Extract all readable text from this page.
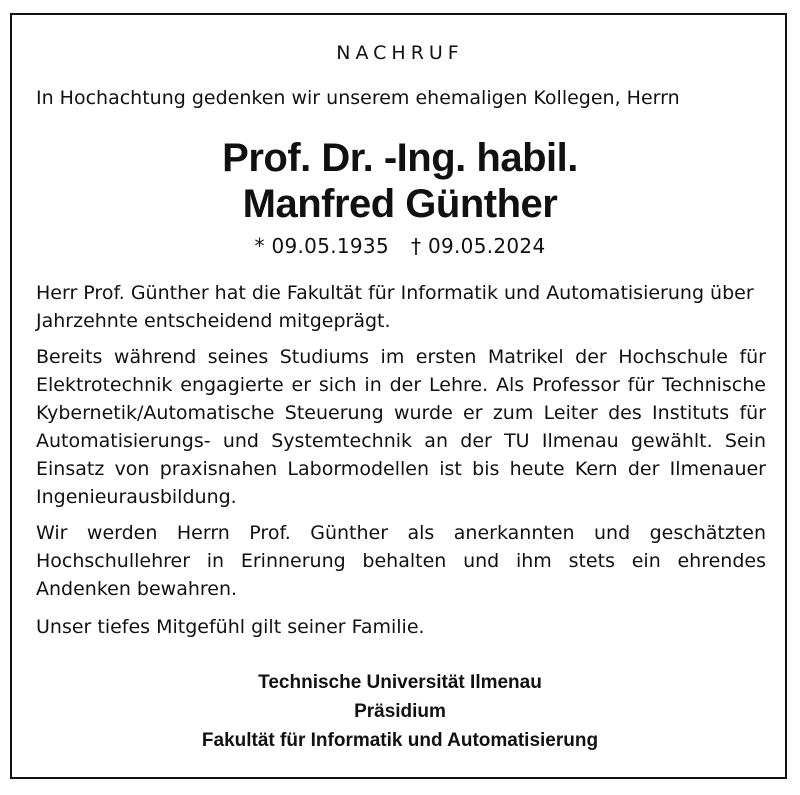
NACHRUF
In Hochachtung gedenken wir unserem ehemaligen Kollegen, Herrn
Prof. Dr. -Ing. habil.
Manfred Günther
* 09.05.1935 † 09.05.2024

Herr Prof. Günther hat die Fakultät für Informatik und Automatisierung über Jahrzehnte entscheidend mitgeprägt.

Bereits während seines Studiums im ersten Matrikel der Hochschule für Elektrotechnik engagierte er sich in der Lehre. Als Professor für Technische Kybernetik/Automatische Steuerung wurde er zum Leiter des Instituts für Automatisierungs- und Systemtechnik an der TU Ilmenau gewählt. Sein Einsatz von praxisnahen Labormodellen ist bis heute Kern der Ilmenauer Ingenieurausbildung.

Wir werden Herrn Prof. Günther als anerkannten und geschätzten Hochschullehrer in Erinnerung behalten und ihm stets ein ehrendes Andenken bewahren.

Unser tiefes Mitgefühl gilt seiner Familie.

Technische Universität Ilmenau
Präsidium
Fakultät für Informatik und Automatisierung
